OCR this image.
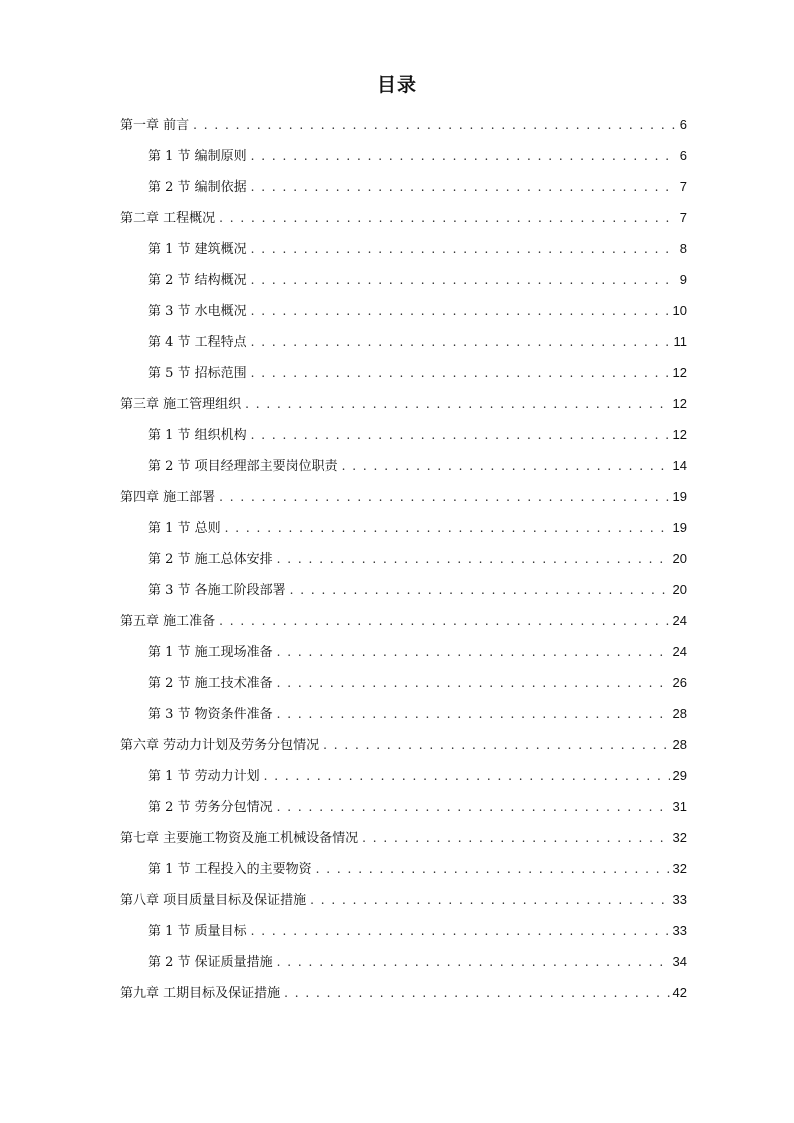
目录
第一章 前言 . . .	6
第 1 节 编制原则 . . .	6
第 2 节 编制依据 . . .	7
第二章 工程概况 . . .	7
第 1 节 建筑概况 . . .	8
第 2 节 结构概况 . . .	9
第 3 节 水电概况 . . .	10
第 4 节 工程特点 . . .	11
第 5 节 招标范围 . . .	12
第三章 施工管理组织 . . .	12
第 1 节 组织机构 . . .	12
第 2 节 项目经理部主要岗位职责 . . .	14
第四章 施工部署 . . .	19
第 1 节 总则 . . .	19
第 2 节 施工总体安排 . . .	20
第 3 节 各施工阶段部署 . . .	20
第五章 施工准备 . . .	24
第 1 节 施工现场准备 . . .	24
第 2 节 施工技术准备 . . .	26
第 3 节 物资条件准备 . . .	28
第六章 劳动力计划及劳务分包情况 . . .	28
第 1 节 劳动力计划 . . .	29
第 2 节 劳务分包情况 . . .	31
第七章 主要施工物资及施工机械设备情况 . . .	32
第 1 节 工程投入的主要物资 . . .	32
第八章 项目质量目标及保证措施 . . .	33
第 1 节 质量目标 . . .	33
第 2 节 保证质量措施 . . .	34
第九章 工期目标及保证措施 . . .	42
